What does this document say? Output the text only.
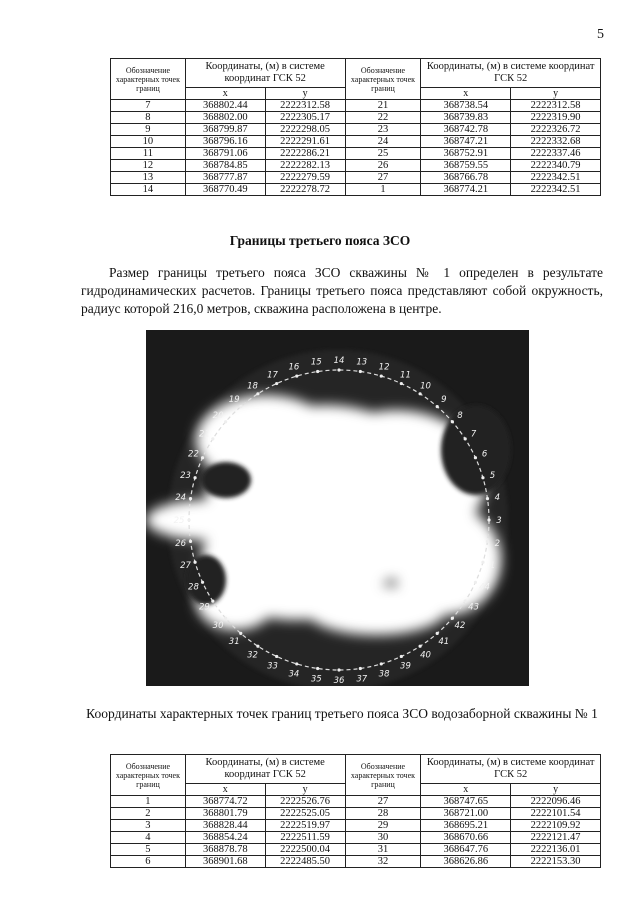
5
Обозначение характерных точек границ	Координаты, (м) в системе координат ГСК 52		Обозначение характерных точек границ	Координаты, (м) в системе координат ГСК 52	
	x	y		x	y
7	368802.44	2222312.58	21	368738.54	2222312.58
8	368802.00	2222305.17	22	368739.83	2222319.90
9	368799.87	2222298.05	23	368742.78	2222326.72
10	368796.16	2222291.61	24	368747.21	2222332.68
11	368791.06	2222286.21	25	368752.91	2222337.46
12	368784.85	2222282.13	26	368759.55	2222340.79
13	368777.87	2222279.59	27	368766.78	2222342.51
14	368770.49	2222278.72	1	368774.21	2222342.51
Границы третьего пояса ЗСО
Размер границы третьего пояса ЗСО скважины № 1 определен в результате гидродинамических расчетов. Границы третьего пояса представляют собой окружность, радиус которой 216,0 метров, скважина расположена в центре.
1
2
3
4
5
6
7
8
9
10
11
12
13
14
15
16
17
18
19
20
21
22
23
24
25
26
27
28
29
30
31
32
33
34 35 36 37 38
39
40
41
42
43
44
Координаты характерных точек границ третьего пояса ЗСО водозаборной скважины № 1
Обозначение характерных точек границ	Координаты, (м) в системе координат ГСК 52		Обозначение характерных точек границ	Координаты, (м) в системе координат ГСК 52	
	x	y		x	y
1	368774.72	2222526.76	27	368747.65	2222096.46
2	368801.79	2222525.05	28	368721.00	2222101.54
3	368828.44	2222519.97	29	368695.21	2222109.92
4	368854.24	2222511.59	30	368670.66	2222121.47
5	368878.78	2222500.04	31	368647.76	2222136.01
6	368901.68	2222485.50	32	368626.86	2222153.30
